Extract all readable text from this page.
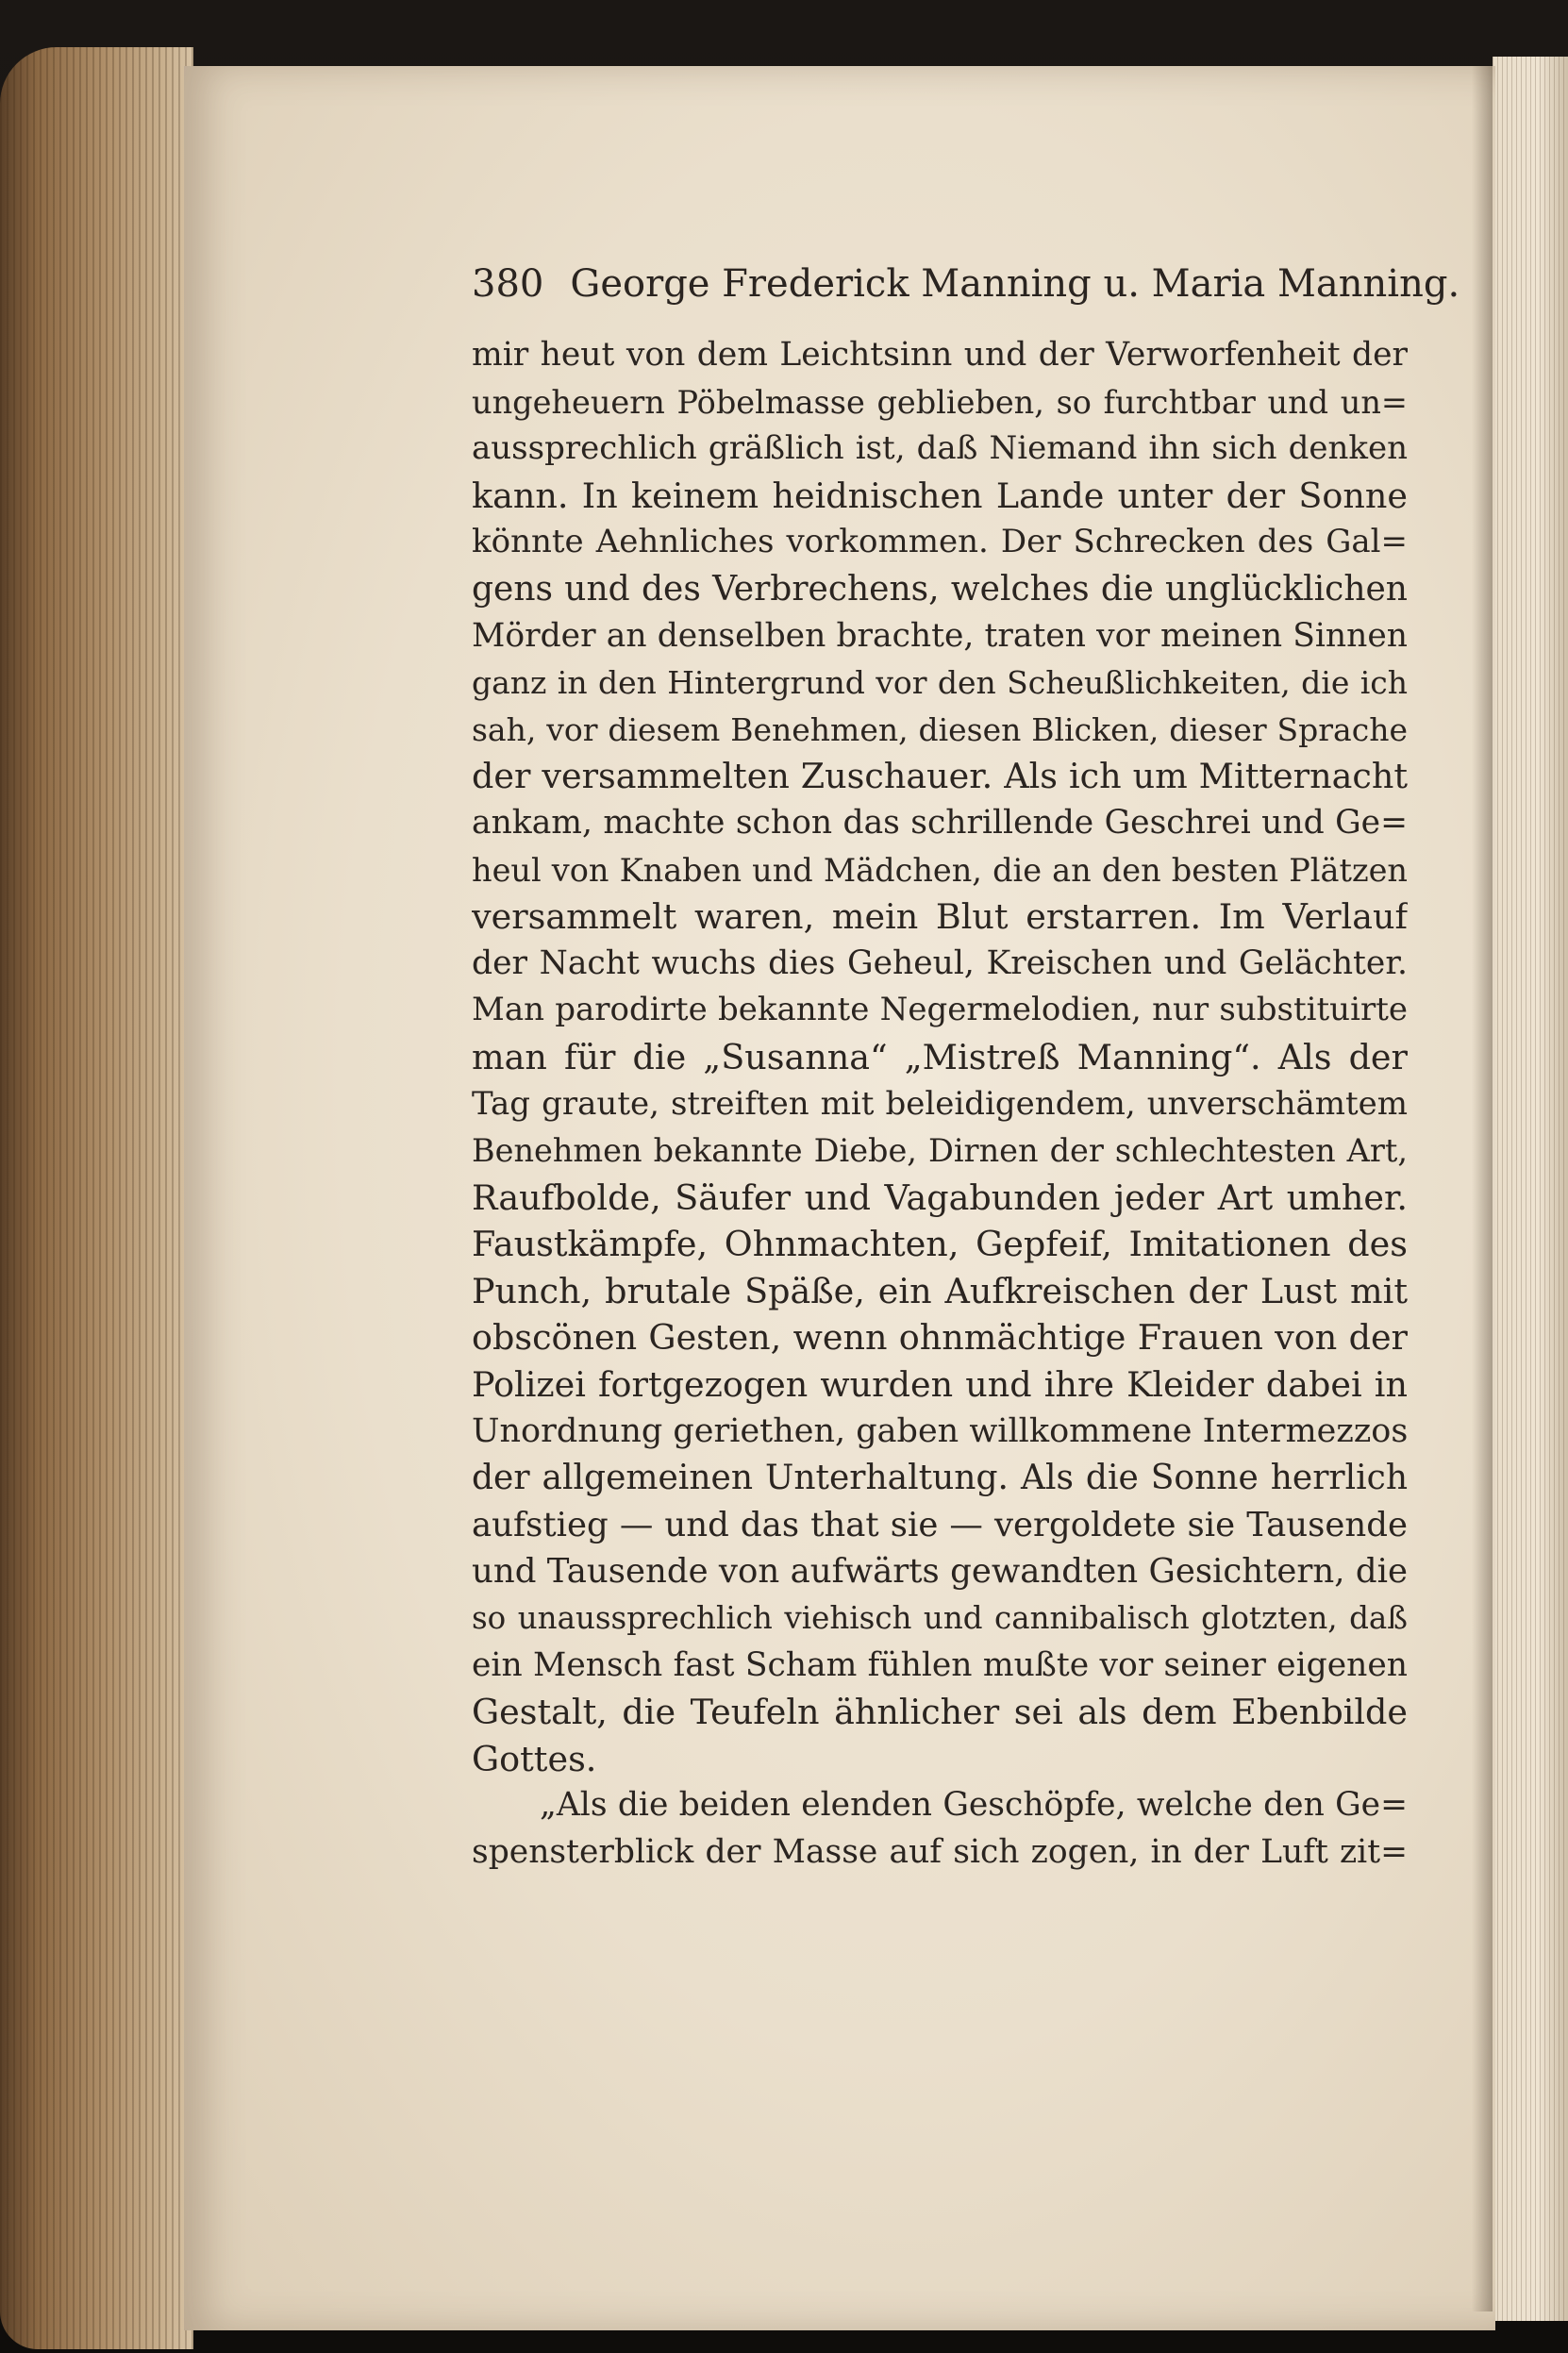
380 George Frederick Manning u. Maria Manning.
mir heut von dem Leichtsinn und der Verworfenheit der
ungeheuern Pöbelmasse geblieben, so furchtbar und un=
aussprechlich gräßlich ist, daß Niemand ihn sich denken
kann. In keinem heidnischen Lande unter der Sonne
könnte Aehnliches vorkommen. Der Schrecken des Gal=
gens und des Verbrechens, welches die unglücklichen
Mörder an denselben brachte, traten vor meinen Sinnen
ganz in den Hintergrund vor den Scheußlichkeiten, die ich
sah, vor diesem Benehmen, diesen Blicken, dieser Sprache
der versammelten Zuschauer. Als ich um Mitternacht
ankam, machte schon das schrillende Geschrei und Ge=
heul von Knaben und Mädchen, die an den besten Plätzen
versammelt waren, mein Blut erstarren. Im Verlauf
der Nacht wuchs dies Geheul, Kreischen und Gelächter.
Man parodirte bekannte Negermelodien, nur substituirte
man für die „Susanna“ „Mistreß Manning“. Als der
Tag graute, streiften mit beleidigendem, unverschämtem
Benehmen bekannte Diebe, Dirnen der schlechtesten Art,
Raufbolde, Säufer und Vagabunden jeder Art umher.
Faustkämpfe, Ohnmachten, Gepfeif, Imitationen des
Punch, brutale Späße, ein Aufkreischen der Lust mit
obscönen Gesten, wenn ohnmächtige Frauen von der
Polizei fortgezogen wurden und ihre Kleider dabei in
Unordnung geriethen, gaben willkommene Intermezzos
der allgemeinen Unterhaltung. Als die Sonne herrlich
aufstieg — und das that sie — vergoldete sie Tausende
und Tausende von aufwärts gewandten Gesichtern, die
so unaussprechlich viehisch und cannibalisch glotzten, daß
ein Mensch fast Scham fühlen mußte vor seiner eigenen
Gestalt, die Teufeln ähnlicher sei als dem Ebenbilde
Gottes.
„Als die beiden elenden Geschöpfe, welche den Ge=
spensterblick der Masse auf sich zogen, in der Luft zit=
